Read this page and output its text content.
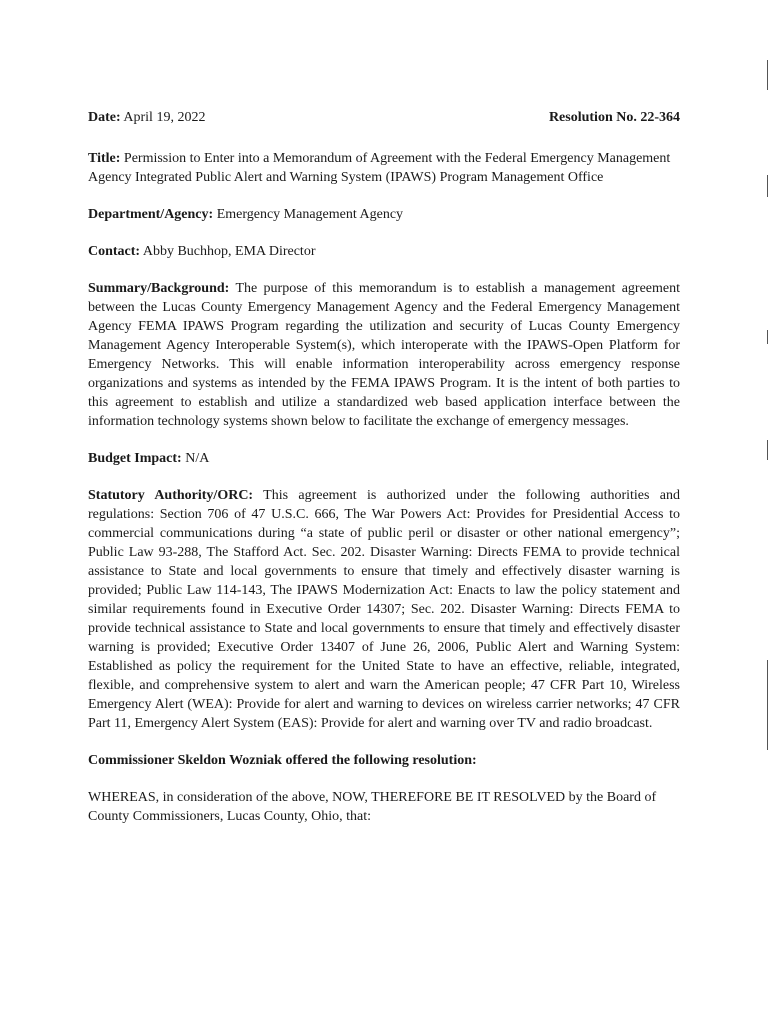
Date: April 19, 2022	Resolution No. 22-364

Title: Permission to Enter into a Memorandum of Agreement with the Federal Emergency Management Agency Integrated Public Alert and Warning System (IPAWS) Program Management Office

Department/Agency: Emergency Management Agency

Contact: Abby Buchhop, EMA Director

Summary/Background: The purpose of this memorandum is to establish a management agreement between the Lucas County Emergency Management Agency and the Federal Emergency Management Agency FEMA IPAWS Program regarding the utilization and security of Lucas County Emergency Management Agency Interoperable System(s), which interoperate with the IPAWS-Open Platform for Emergency Networks. This will enable information interoperability across emergency response organizations and systems as intended by the FEMA IPAWS Program. It is the intent of both parties to this agreement to establish and utilize a standardized web based application interface between the information technology systems shown below to facilitate the exchange of emergency messages.

Budget Impact: N/A

Statutory Authority/ORC: This agreement is authorized under the following authorities and regulations: Section 706 of 47 U.S.C. 666, The War Powers Act: Provides for Presidential Access to commercial communications during “a state of public peril or disaster or other national emergency”; Public Law 93-288, The Stafford Act. Sec. 202. Disaster Warning: Directs FEMA to provide technical assistance to State and local governments to ensure that timely and effectively disaster warning is provided; Public Law 114-143, The IPAWS Modernization Act: Enacts to law the policy statement and similar requirements found in Executive Order 14307; Sec. 202. Disaster Warning: Directs FEMA to provide technical assistance to State and local governments to ensure that timely and effectively disaster warning is provided; Executive Order 13407 of June 26, 2006, Public Alert and Warning System: Established as policy the requirement for the United State to have an effective, reliable, integrated, flexible, and comprehensive system to alert and warn the American people; 47 CFR Part 10, Wireless Emergency Alert (WEA): Provide for alert and warning to devices on wireless carrier networks; 47 CFR Part 11, Emergency Alert System (EAS): Provide for alert and warning over TV and radio broadcast.

Commissioner Skeldon Wozniak offered the following resolution:

WHEREAS, in consideration of the above, NOW, THEREFORE BE IT RESOLVED by the Board of County Commissioners, Lucas County, Ohio, that:
